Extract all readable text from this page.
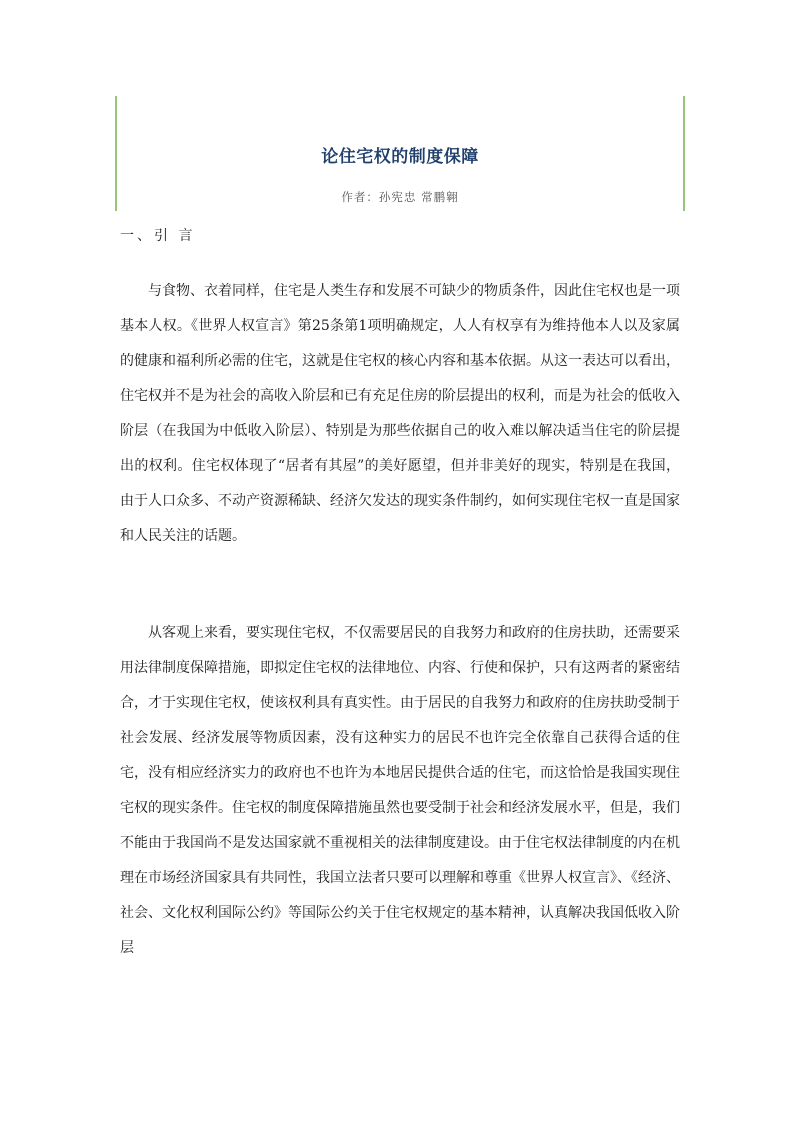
论住宅权的制度保障
作者：孙宪忠 常鹏翱
一、引 言

与食物、衣着同样，住宅是人类生存和发展不可缺少的物质条件，因此住宅权也是一项基本人权。《世界人权宣言》第25条第1项明确规定，人人有权享有为维持他本人以及家属的健康和福利所必需的住宅，这就是住宅权的核心内容和基本依据。从这一表达可以看出，住宅权并不是为社会的高收入阶层和已有充足住房的阶层提出的权利，而是为社会的低收入阶层（在我国为中低收入阶层）、特别是为那些依据自己的收入难以解决适当住宅的阶层提出的权利。住宅权体现了“居者有其屋”的美好愿望，但并非美好的现实，特别是在我国，由于人口众多、不动产资源稀缺、经济欠发达的现实条件制约，如何实现住宅权一直是国家和人民关注的话题。

从客观上来看，要实现住宅权，不仅需要居民的自我努力和政府的住房扶助，还需要采用法律制度保障措施，即拟定住宅权的法律地位、内容、行使和保护，只有这两者的紧密结合，才于实现住宅权，使该权利具有真实性。由于居民的自我努力和政府的住房扶助受制于社会发展、经济发展等物质因素，没有这种实力的居民不也许完全依靠自己获得合适的住宅，没有相应经济实力的政府也不也许为本地居民提供合适的住宅，而这恰恰是我国实现住宅权的现实条件。住宅权的制度保障措施虽然也要受制于社会和经济发展水平，但是，我们不能由于我国尚不是发达国家就不重视相关的法律制度建设。由于住宅权法律制度的内在机理在市场经济国家具有共同性，我国立法者只要可以理解和尊重《世界人权宣言》、《经济、社会、文化权利国际公约》等国际公约关于住宅权规定的基本精神，认真解决我国低收入阶层
